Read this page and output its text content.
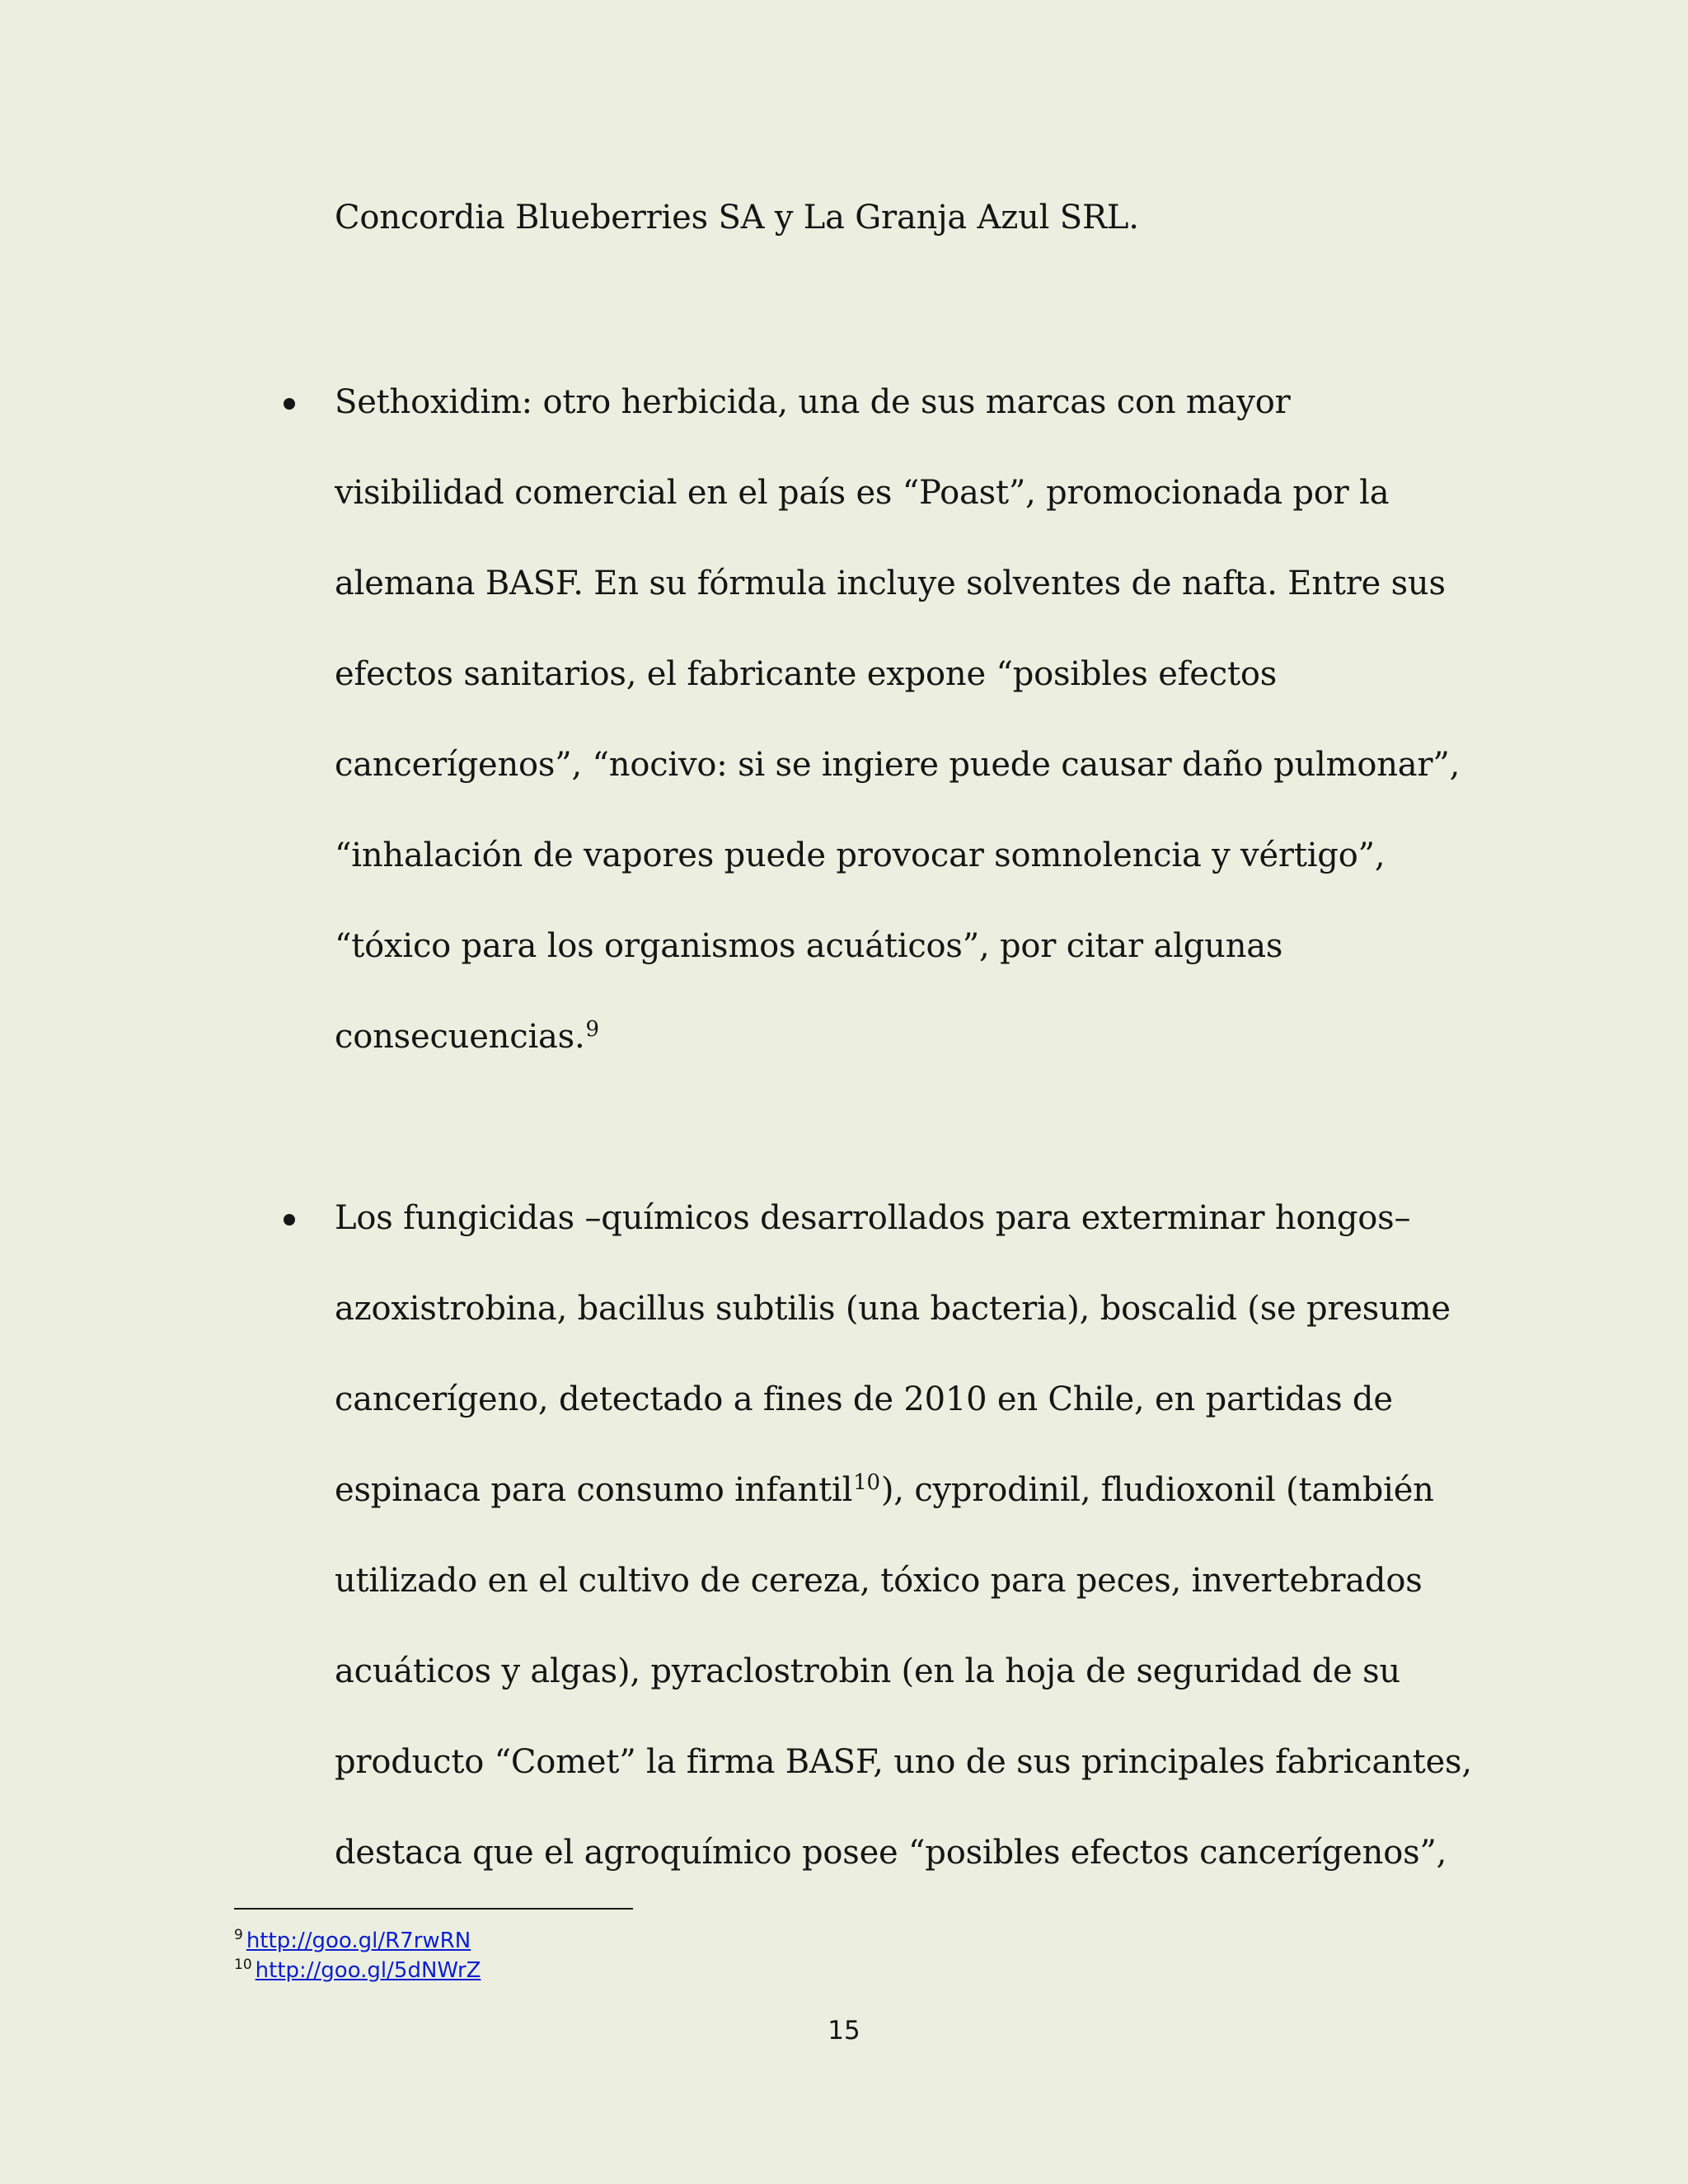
Concordia Blueberries SA y La Granja Azul SRL.
Sethoxidim: otro herbicida, una de sus marcas con mayor
visibilidad comercial en el país es “Poast”, promocionada por la
alemana BASF. En su fórmula incluye solventes de nafta. Entre sus
efectos sanitarios, el fabricante expone “posibles efectos
cancerígenos”, “nocivo: si se ingiere puede causar daño pulmonar”,
“inhalación de vapores puede provocar somnolencia y vértigo”,
“tóxico para los organismos acuáticos”, por citar algunas
consecuencias.$^9$
Los fungicidas –químicos desarrollados para exterminar hongos–
azoxistrobina, bacillus subtilis (una bacteria), boscalid (se presume
cancerígeno, detectado a fines de 2010 en Chile, en partidas de
espinaca para consumo infantil$^{10}$), cyprodinil, fludioxonil (también
utilizado en el cultivo de cereza, tóxico para peces, invertebrados
acuáticos y algas), pyraclostrobin (en la hoja de seguridad de su
producto “Comet” la firma BASF, uno de sus principales fabricantes,
destaca que el agroquímico posee “posibles efectos cancerígenos”,
$^9$ http://goo.gl/R7rwRN
$^{10}$ http://goo.gl/5dNWrZ
15
